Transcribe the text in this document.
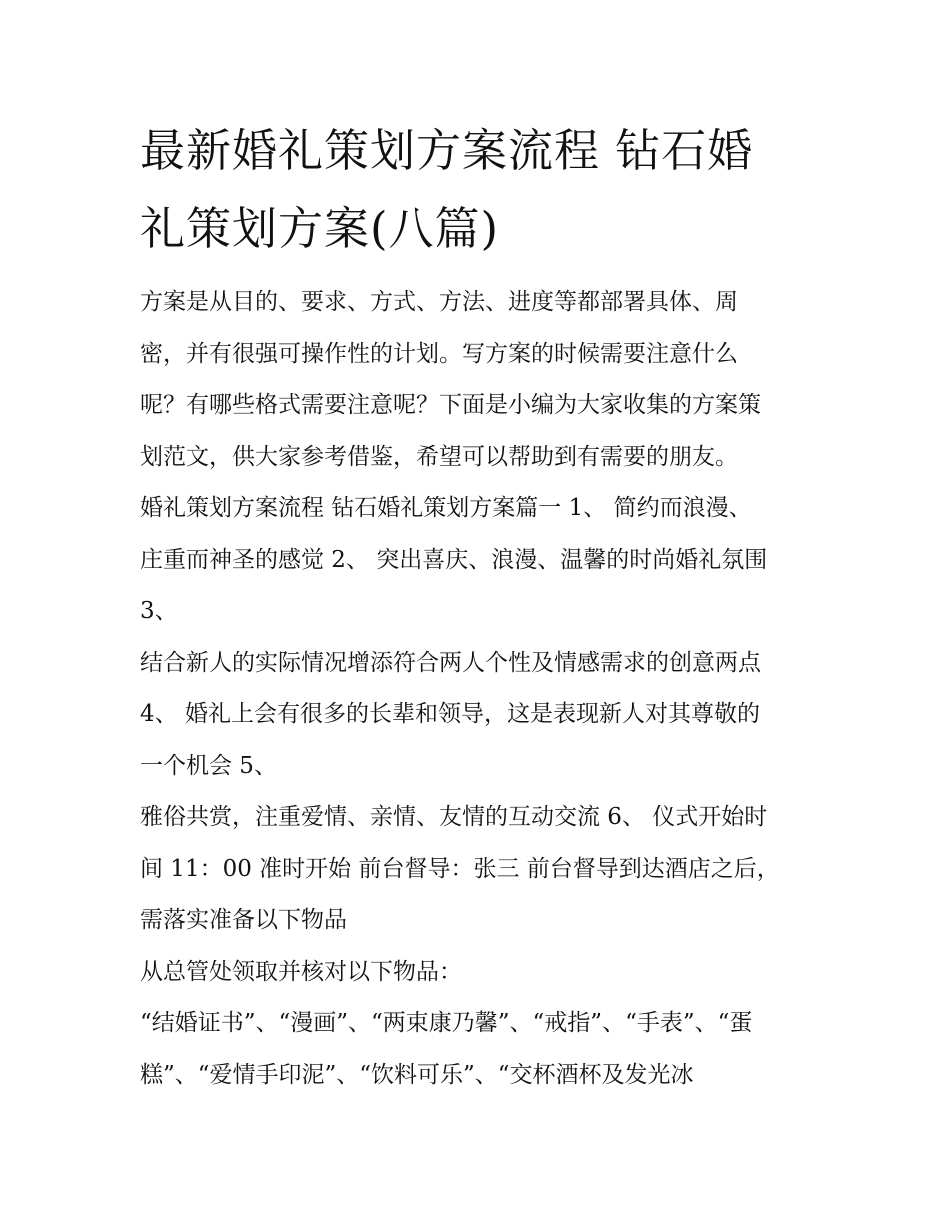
最新婚礼策划方案流程 钻石婚
礼策划方案(八篇)
方案是从目的、要求、方式、方法、进度等都部署具体、周
密，并有很强可操作性的计划。写方案的时候需要注意什么
呢？有哪些格式需要注意呢？下面是小编为大家收集的方案策
划范文，供大家参考借鉴，希望可以帮助到有需要的朋友。
婚礼策划方案流程 钻石婚礼策划方案篇一 1、 简约而浪漫、
庄重而神圣的感觉 2、 突出喜庆、浪漫、温馨的时尚婚礼氛围
3、
结合新人的实际情况增添符合两人个性及情感需求的创意两点
4、 婚礼上会有很多的长辈和领导，这是表现新人对其尊敬的
一个机会 5、
雅俗共赏，注重爱情、亲情、友情的互动交流 6、 仪式开始时
间 11：00 准时开始 前台督导：张三 前台督导到达酒店之后，
需落实准备以下物品
从总管处领取并核对以下物品：
“结婚证书”、“漫画”、“两束康乃馨”、“戒指”、“手表”、“蛋
糕”、“爱情手印泥”、“饮料可乐”、“交杯酒杯及发光冰
